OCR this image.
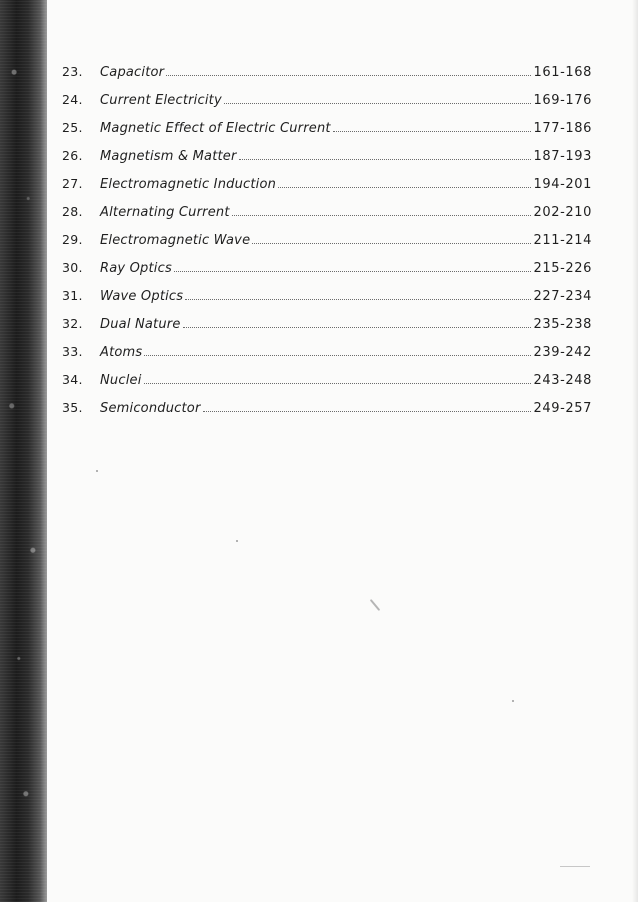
23.	Capacitor	161-168
24.	Current Electricity	169-176
25.	Magnetic Effect of Electric Current	177-186
26.	Magnetism & Matter	187-193
27.	Electromagnetic Induction	194-201
28.	Alternating Current	202-210
29.	Electromagnetic Wave	211-214
30.	Ray Optics	215-226
31.	Wave Optics	227-234
32.	Dual Nature	235-238
33.	Atoms	239-242
34.	Nuclei	243-248
35.	Semiconductor	249-257
